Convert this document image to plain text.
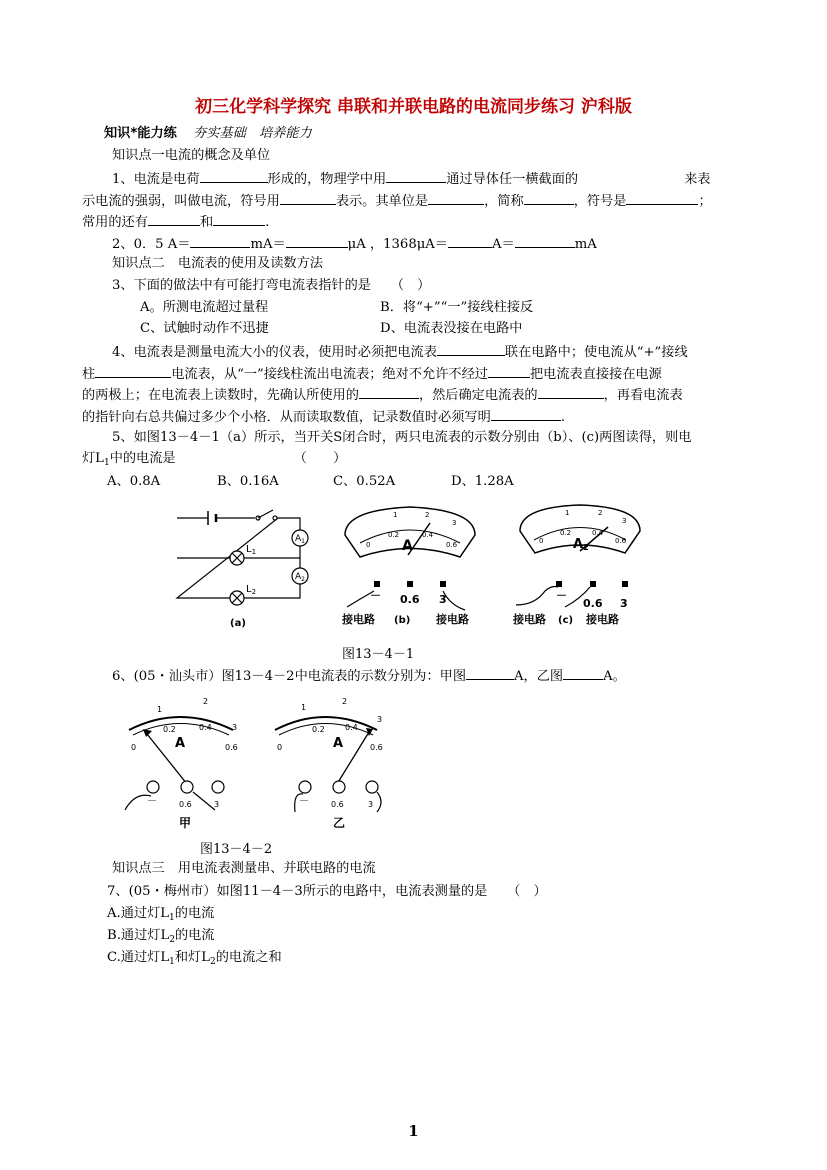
初三化学科学探究 串联和并联电路的电流同步练习 沪科版
知识*能力练 夯实基础　培养能力
知识点一电流的概念及单位
1、电流是电荷	形成的，物理学中用	通过导体任一横截面的	来表
示电流的强弱，叫做电流，符号用	表示。其单位是	，简称	，符号是	；
常用的还有	和	.
2、0．5 A＝	mA＝	μA ，1368μA＝	A＝	mA
知识点二　电流表的使用及读数方法
3、下面的做法中有可能打弯电流表指针的是　　（　）
A。所测电流超过量程	B．将“+”“一”接线柱接反
C、试触时动作不迅捷	D、电流表没接在电路中
4、电流表是测量电流大小的仪表，使用时必须把电流表	联在电路中；使电流从“+”接线
柱	电流表，从“一”接线柱流出电流表；绝对不允许不经过	把电流表直接接在电源
的两极上；在电流表上读数时，先确认所使用的	，然后确定电流表的	，再看电流表
的指针向右总共偏过多少个小格．从而读取数值，记录数值时必须写明	.
5、如图13－4－1（a）所示，当开关S闭合时，两只电流表的示数分别由（b）、(c)两图读得，则电
灯$L_1$中的电流是	（　　）
A、0.8A	B、0.16A	C、0.52A	D、1.28A
$L_1$
$L_2$
$A_1$
$A_2$
(a)
A
1	2
0
0.2	0.4
0.6
3
－ 0.6 3
接电路 (b) 接电路
A2
1	2
0
0.2	0.4
0.6
3
－
0.6 3
接电路 (c) 接电路
图13－4－1
6、(05・汕头市）图13－4－2中电流表的示数分别为：甲图	A，乙图	A。
A
1
2
3
0
0.2	0.4
0.6
－	0.6	3
甲
A
1
2
3
0
0.2	0.4
0.6
－	0.6	3
乙
图13－4－2
知识点三　用电流表测量串、并联电路的电流
7、(05・梅州市）如图11－4－3所示的电路中，电流表测量的是　　（　）
A.通过灯$L_1$的电流
B.通过灯$L_2$的电流
C.通过灯$L_1$和灯$L_2$的电流之和
1
